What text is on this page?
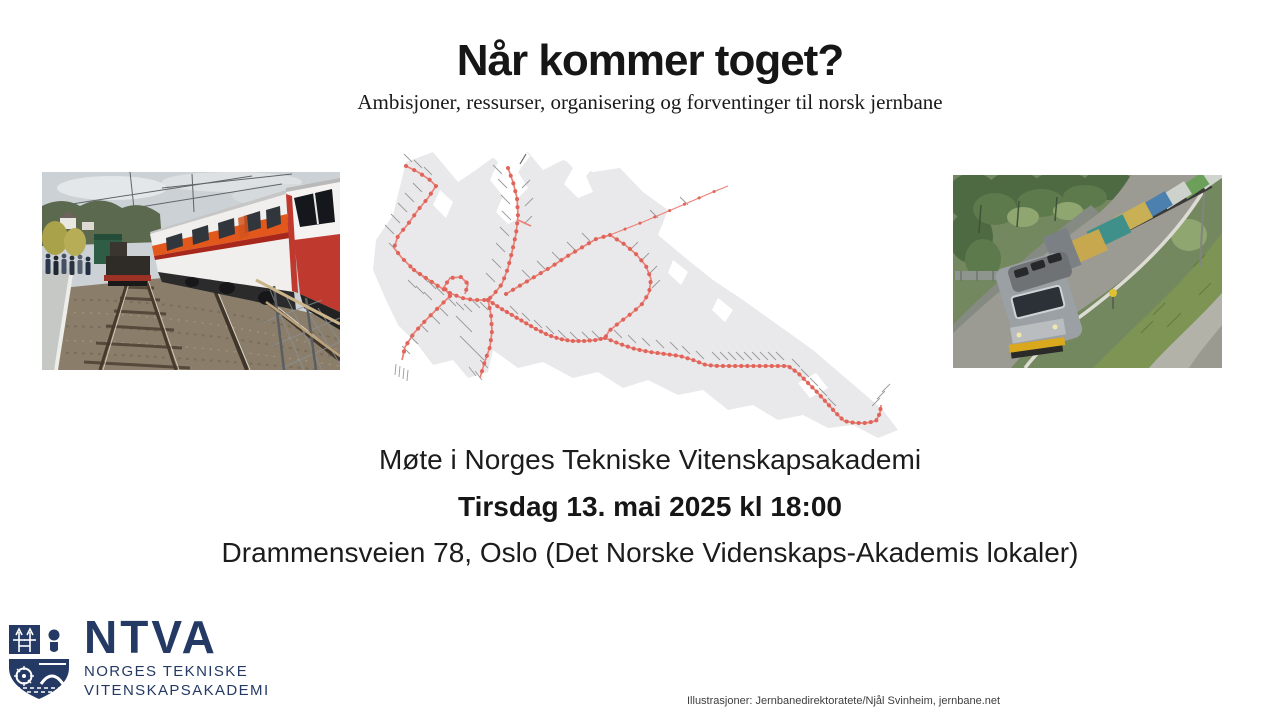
Når kommer toget?
Ambisjoner, ressurser, organisering og forventinger til norsk jernbane
Møte i Norges Tekniske Vitenskapsakademi
Tirsdag 13. mai 2025 kl 18:00
Drammensveien 78, Oslo (Det Norske Videnskaps-Akademis lokaler)
NTVA
NORGES TEKNISKE
VITENSKAPSAKADEMI
Illustrasjoner: Jernbanedirektoratete/Njål Svinheim, jernbane.net
